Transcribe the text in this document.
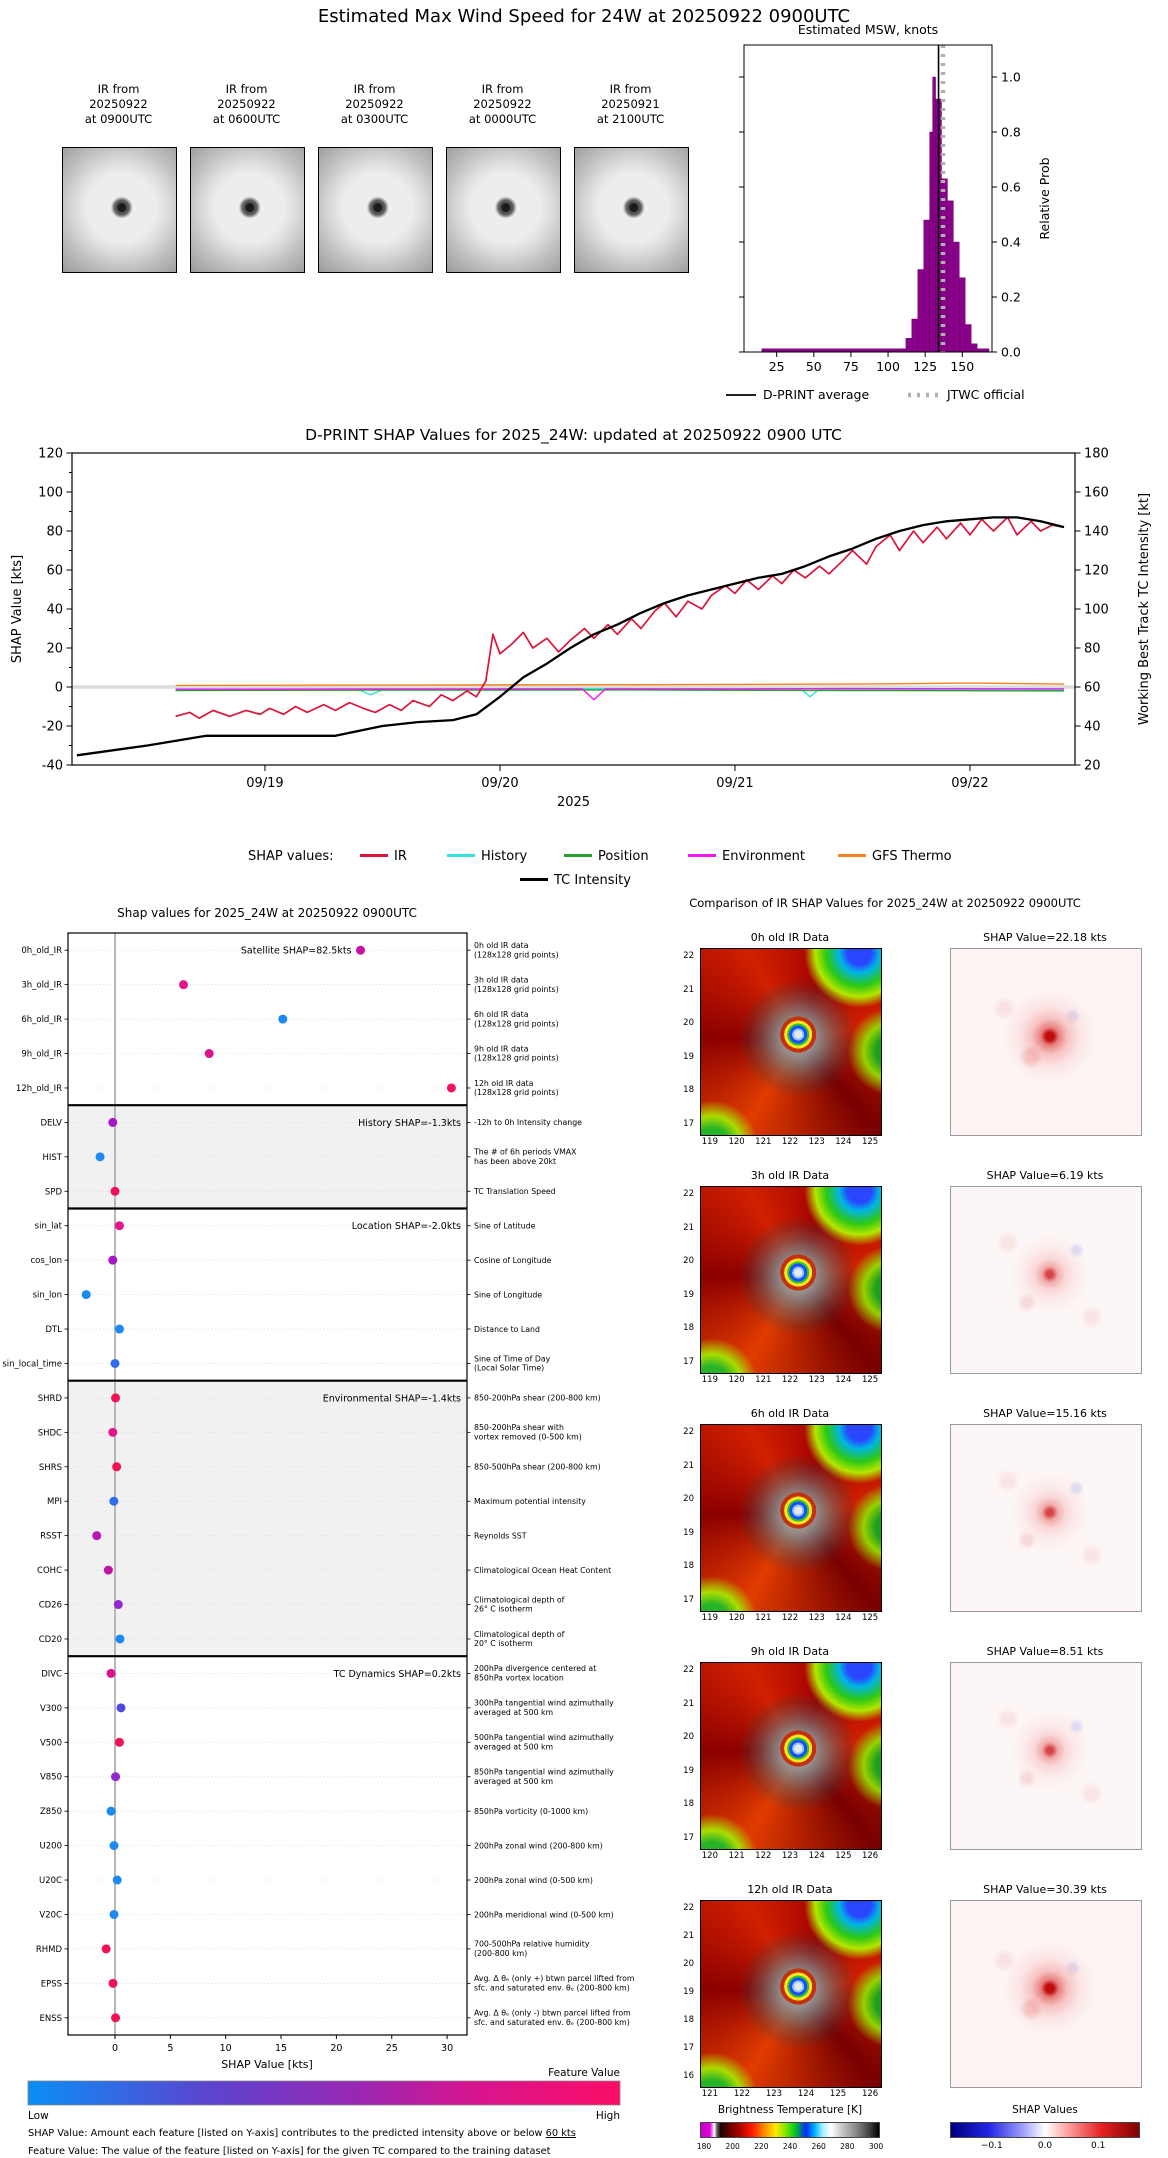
Estimated Max Wind Speed for 24W at 20250922 0900UTC
IR from
20250922
at 0900UTC
IR from
20250922
at 0600UTC
IR from
20250922
at 0300UTC
IR from
20250922
at 0000UTC
IR from
20250921
at 2100UTC
0.0
0.2
0.4
0.6
0.8
1.0
25 50 75 100 125 150
Estimated MSW, knots
Relative Prob
D-PRINT average	JTWC official
D-PRINT SHAP Values for 2025_24W: updated at 20250922 0900 UTC
-40
-20
0
20
40
60
80
100
120
20
40
60
80
100
120
140
160
180
09/19	09/20	09/21	09/22
2025
SHAP Value [kts]	Working Best Track TC Intensity [kt]
SHAP values:	IR	History	Position	Environment	GFS Thermo
TC Intensity
Shap values for 2025_24W at 20250922 0900UTC
0h_old_IR
0h old IR data
(128x128 grid points)
3h_old_IR
3h old IR data
(128x128 grid points)
6h_old_IR
6h old IR data
(128x128 grid points)
9h_old_IR
9h old IR data
(128x128 grid points)
12h_old_IR
12h old IR data
(128x128 grid points)
DELV	-12h to 0h Intensity change
HIST
The # of 6h periods VMAX
has been above 20kt
SPD	TC Translation Speed
sin_lat	Sine of Latitude
cos_lon	Cosine of Longitude
sin_lon	Sine of Longitude
DTL	Distance to Land
sin_local_time
Sine of Time of Day
(Local Solar Time)
SHRD	850-200hPa shear (200-800 km)
SHDC
850-200hPa shear with
vortex removed (0-500 km)
SHRS	850-500hPa shear (200-800 km)
MPI	Maximum potential intensity
RSST	Reynolds SST
COHC	Climatological Ocean Heat Content
CD26
Climatological depth of
26° C isotherm
CD20
Climatological depth of
20° C isotherm
DIVC
200hPa divergence centered at
850hPa vortex location
V300
300hPa tangential wind azimuthally
averaged at 500 km
V500
500hPa tangential wind azimuthally
averaged at 500 km
V850
850hPa tangential wind azimuthally
averaged at 500 km
Z850	850hPa vorticity (0-1000 km)
U200	200hPa zonal wind (200-800 km)
U20C	200hPa zonal wind (0-500 km)
V20C	200hPa meridional wind (0-500 km)
RHMD
700-500hPa relative humidity
(200-800 km)
EPSS
Avg. Δ θₑ (only +) btwn parcel lifted from
sfc. and saturated env. θₑ (200-800 km)
ENSS
Avg. Δ θₑ (only -) btwn parcel lifted from
sfc. and saturated env. θₑ (200-800 km)
Satellite SHAP=82.5kts
History SHAP=-1.3kts
Location SHAP=-2.0kts
Environmental SHAP=-1.4kts
TC Dynamics SHAP=0.2kts
0	5	10	15	20	25	30
SHAP Value [kts]
Feature Value
Low	High
SHAP Value: Amount each feature [listed on Y-axis] contributes to the predicted intensity above or below 60 kts
Feature Value: The value of the feature [listed on Y-axis] for the given TC compared to the training dataset
Comparison of IR SHAP Values for 2025_24W at 20250922 0900UTC
0h old IR Data	SHAP Value=22.18 kts
22
21
20
19
18
17
119 120 121 122 123 124 125
3h old IR Data	SHAP Value=6.19 kts
22
21
20
19
18
17
119 120 121 122 123 124 125
6h old IR Data	SHAP Value=15.16 kts
22
21
20
19
18
17
119 120 121 122 123 124 125
9h old IR Data	SHAP Value=8.51 kts
22
21
20
19
18
17
120 121 122 123 124 125 126
12h old IR Data	SHAP Value=30.39 kts
22
21
20
19
18
17
16
121 122 123 124 125 126
Brightness Temperature [K]
180 200 220 240 260 280 300
SHAP Values
−0.1	0.0	0.1
